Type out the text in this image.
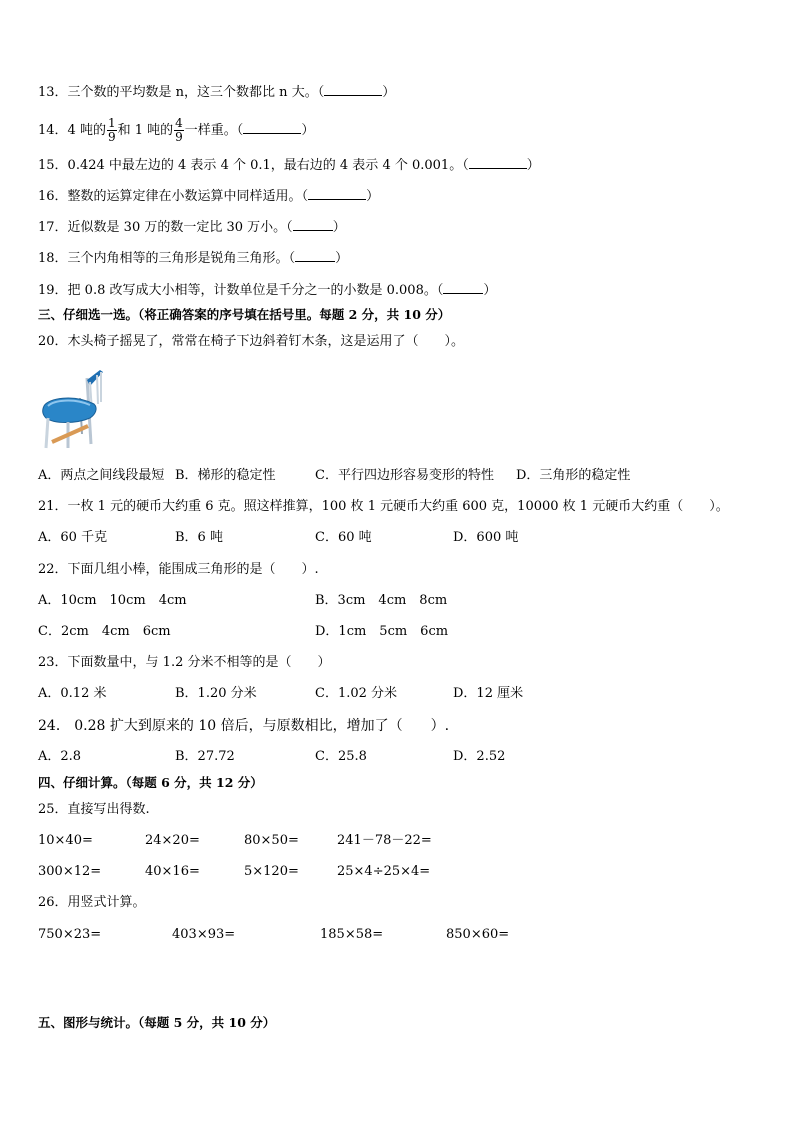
13．三个数的平均数是 n，这三个数都比 n 大。（	）
14．4 吨的 $\frac{1}{9}$ 和 1 吨的 $\frac{4}{9}$ 一样重。（	）
15．0.424 中最左边的 4 表示 4 个 0.1，最右边的 4 表示 4 个 0.001。（	）
16．整数的运算定律在小数运算中同样适用。（	）
17．近似数是 30 万的数一定比 30 万小。（	）
18．三个内角相等的三角形是锐角三角形。（	）
19．把 0.8 改写成大小相等，计数单位是千分之一的小数是 0.008。（	）
三、仔细选一选。（将正确答案的序号填在括号里。每题 2 分，共 10 分）
20．木头椅子摇晃了，常常在椅子下边斜着钉木条，这是运用了（　　）。
A．两点之间线段最短 B．梯形的稳定性	C．平行四边形容易变形的特性 D．三角形的稳定性
21．一枚 1 元的硬币大约重 6 克。照这样推算，100 枚 1 元硬币大约重 600 克，10000 枚 1 元硬币大约重（　　）。
A．60 千克	B．6 吨	C．60 吨	D．600 吨
22．下面几组小棒，能围成三角形的是（　　）.
A．10cm　10cm　4cm	B．3cm　4cm　8cm
C．2cm　4cm　6cm	D．1cm　5cm　6cm
23．下面数量中，与 1.2 分米不相等的是（　　）
A．0.12 米	B．1.20 分米	C．1.02 分米	D．12 厘米
24． 0.28 扩大到原来的 10 倍后，与原数相比，增加了（　　）.
A．2.8	B．27.72	C．25.8	D．2.52
四、仔细计算。（每题 6 分，共 12 分）
25．直接写出得数.
10×40=	24×20=	80×50=	241－78－22=
300×12=	40×16=	5×120=	25×4÷25×4=
26．用竖式计算。
750×23=	403×93=	185×58=	850×60=
五、图形与统计。（每题 5 分，共 10 分）
